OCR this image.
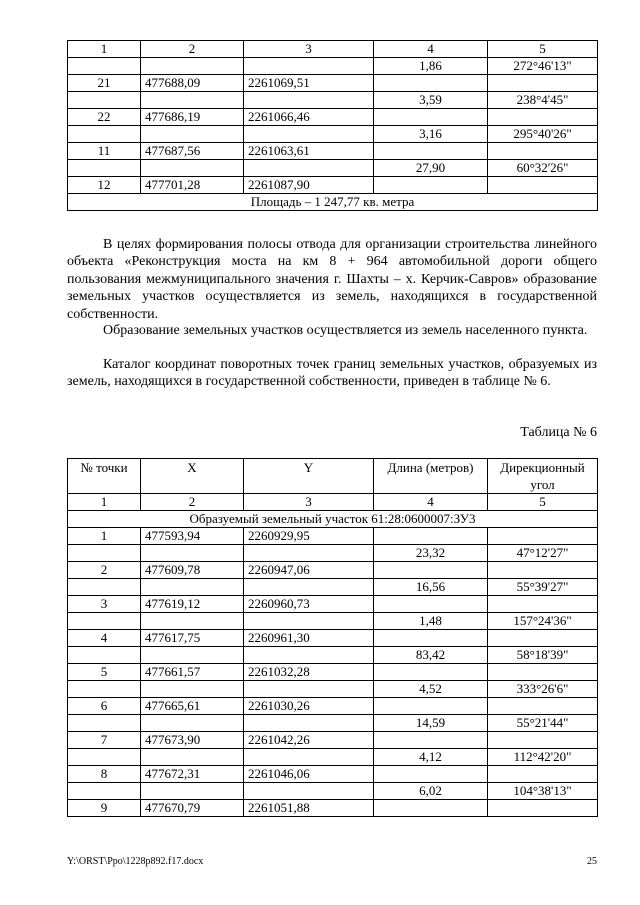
1	2	3	4	5
			1,86	272°46'13"
21	477688,09	2261069,51		
			3,59	238°4'45"
22	477686,19	2261066,46		
			3,16	295°40'26"
11	477687,56	2261063,61		
			27,90	60°32'26"
12	477701,28	2261087,90		
Площадь – 1 247,77 кв. метра				

В целях формирования полосы отвода для организации строительства линейного объекта «Реконструкция моста на км 8 + 964 автомобильной дороги общего пользования межмуниципального значения г. Шахты – х. Керчик-Савров» образование земельных участков осуществляется из земель, находящихся в государственной собственности.

Образование земельных участков осуществляется из земель населенного пункта.

Каталог координат поворотных точек границ земельных участков, образуемых из земель, находящихся в государственной собственности, приведен в таблице № 6.

Таблица № 6
№ точки	X	Y	Длина (метров)	Дирекционный угол
1	2	3	4	5
Образуемый земельный участок 61:28:0600007:ЗУ3				
1	477593,94	2260929,95		
			23,32	47°12'27"
2	477609,78	2260947,06		
			16,56	55°39'27"
3	477619,12	2260960,73		
			1,48	157°24'36"
4	477617,75	2260961,30		
			83,42	58°18'39"
5	477661,57	2261032,28		
			4,52	333°26'6"
6	477665,61	2261030,26		
			14,59	55°21'44"
7	477673,90	2261042,26		
			4,12	112°42'20"
8	477672,31	2261046,06		
			6,02	104°38'13"
9	477670,79	2261051,88		
Y:\ORST\Ppo\1228p892.f17.docx	25
